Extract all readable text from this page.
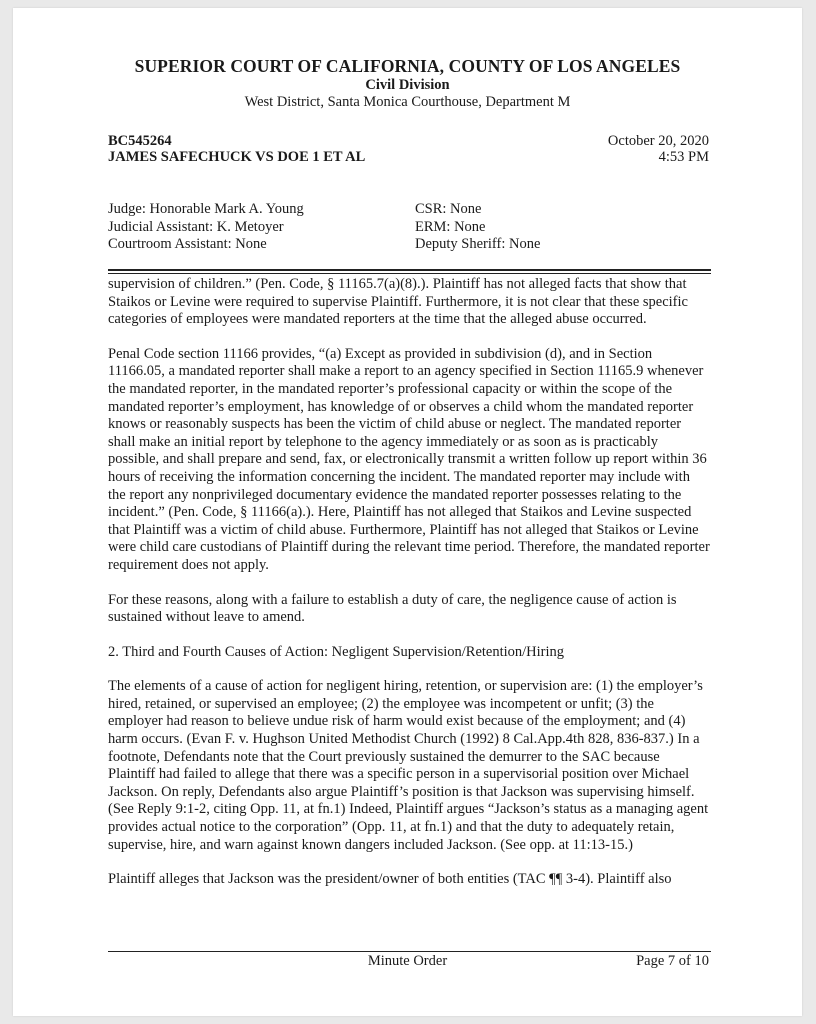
SUPERIOR COURT OF CALIFORNIA, COUNTY OF LOS ANGELES
Civil Division
West District, Santa Monica Courthouse, Department M
BC545264
JAMES SAFECHUCK VS DOE 1 ET AL
October 20, 2020
4:53 PM
Judge: Honorable Mark A. Young
Judicial Assistant: K. Metoyer
Courtroom Assistant: None
CSR: None
ERM: None
Deputy Sheriff: None

supervision of children.” (Pen. Code, § 11165.7(a)(8).). Plaintiff has not alleged facts that show that Staikos or Levine were required to supervise Plaintiff. Furthermore, it is not clear that these specific categories of employees were mandated reporters at the time that the alleged abuse occurred.

Penal Code section 11166 provides, “(a) Except as provided in subdivision (d), and in Section 11166.05, a mandated reporter shall make a report to an agency specified in Section 11165.9 whenever the mandated reporter, in the mandated reporter’s professional capacity or within the scope of the mandated reporter’s employment, has knowledge of or observes a child whom the mandated reporter knows or reasonably suspects has been the victim of child abuse or neglect. The mandated reporter shall make an initial report by telephone to the agency immediately or as soon as is practicably possible, and shall prepare and send, fax, or electronically transmit a written follow up report within 36 hours of receiving the information concerning the incident. The mandated reporter may include with the report any nonprivileged documentary evidence the mandated reporter possesses relating to the incident.” (Pen. Code, § 11166(a).). Here, Plaintiff has not alleged that Staikos and Levine suspected that Plaintiff was a victim of child abuse. Furthermore, Plaintiff has not alleged that Staikos or Levine were child care custodians of Plaintiff during the relevant time period. Therefore, the mandated reporter requirement does not apply.

For these reasons, along with a failure to establish a duty of care, the negligence cause of action is sustained without leave to amend.

2. Third and Fourth Causes of Action: Negligent Supervision/Retention/Hiring

The elements of a cause of action for negligent hiring, retention, or supervision are: (1) the employer’s hired, retained, or supervised an employee; (2) the employee was incompetent or unfit; (3) the employer had reason to believe undue risk of harm would exist because of the employment; and (4) harm occurs. (Evan F. v. Hughson United Methodist Church (1992) 8 Cal.App.4th 828, 836-837.) In a footnote, Defendants note that the Court previously sustained the demurrer to the SAC because Plaintiff had failed to allege that there was a specific person in a supervisorial position over Michael Jackson. On reply, Defendants also argue Plaintiff’s position is that Jackson was supervising himself. (See Reply 9:1-2, citing Opp. 11, at fn.1) Indeed, Plaintiff argues “Jackson’s status as a managing agent provides actual notice to the corporation” (Opp. 11, at fn.1) and that the duty to adequately retain, supervise, hire, and warn against known dangers included Jackson. (See opp. at 11:13-15.)

Plaintiff alleges that Jackson was the president/owner of both entities (TAC ¶¶ 3-4). Plaintiff also

Minute Order	Page 7 of 10
